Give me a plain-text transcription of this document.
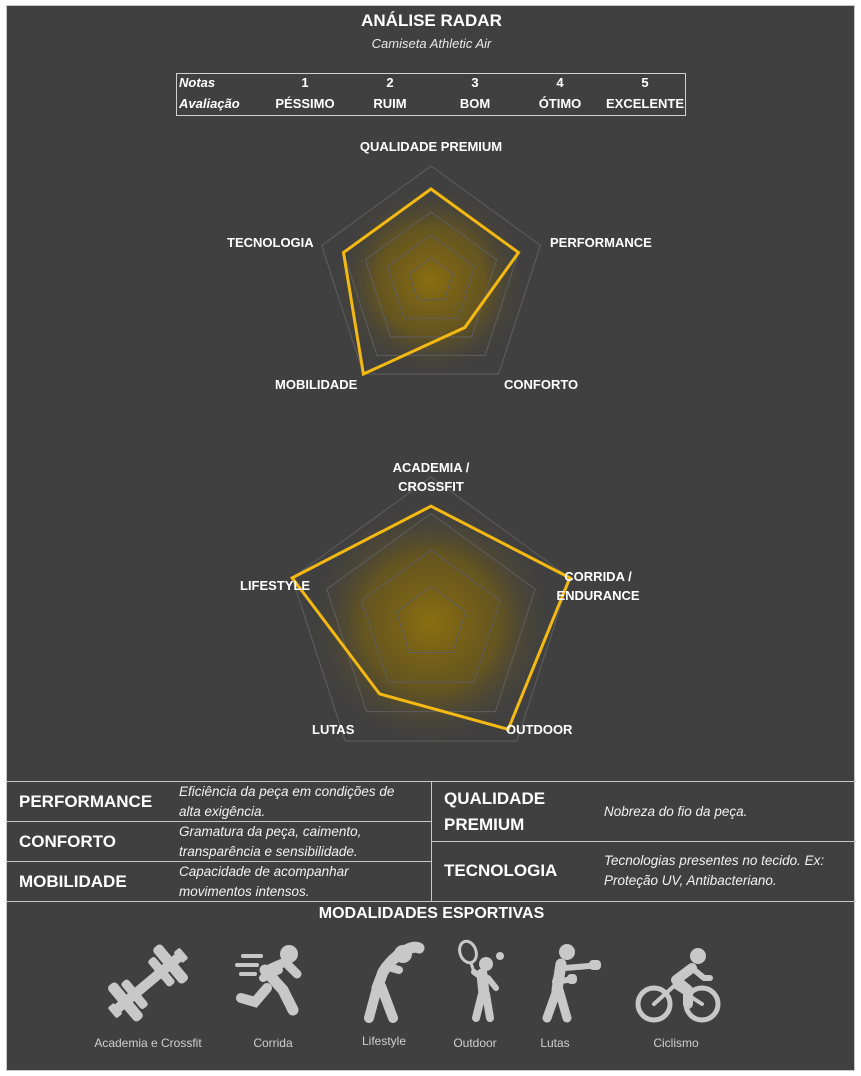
ANÁLISE RADAR
Camiseta Athletic Air
Notas	1	2	3	4	5
Avaliação	PÉSSIMO	RUIM	BOM	ÓTIMO	EXCELENTE
QUALIDADE PREMIUM
PERFORMANCE
CONFORTO
MOBILIDADE
TECNOLOGIA
ACADEMIA /
CROSSFIT
CORRIDA /
ENDURANCE
OUTDOOR
LUTAS
LIFESTYLE
PERFORMANCE
Eficiência da peça em condições de
alta exigência.
CONFORTO
Gramatura da peça, caimento,
transparência e sensibilidade.
MOBILIDADE
Capacidade de acompanhar
movimentos intensos.
QUALIDADE
PREMIUM
Nobreza do fio da peça.
TECNOLOGIA
Tecnologias presentes no tecido. Ex:
Proteção UV, Antibacteriano.
MODALIDADES ESPORTIVAS
Academia e Crossfit	Corrida	Lifestyle	Outdoor	Lutas	Ciclismo
